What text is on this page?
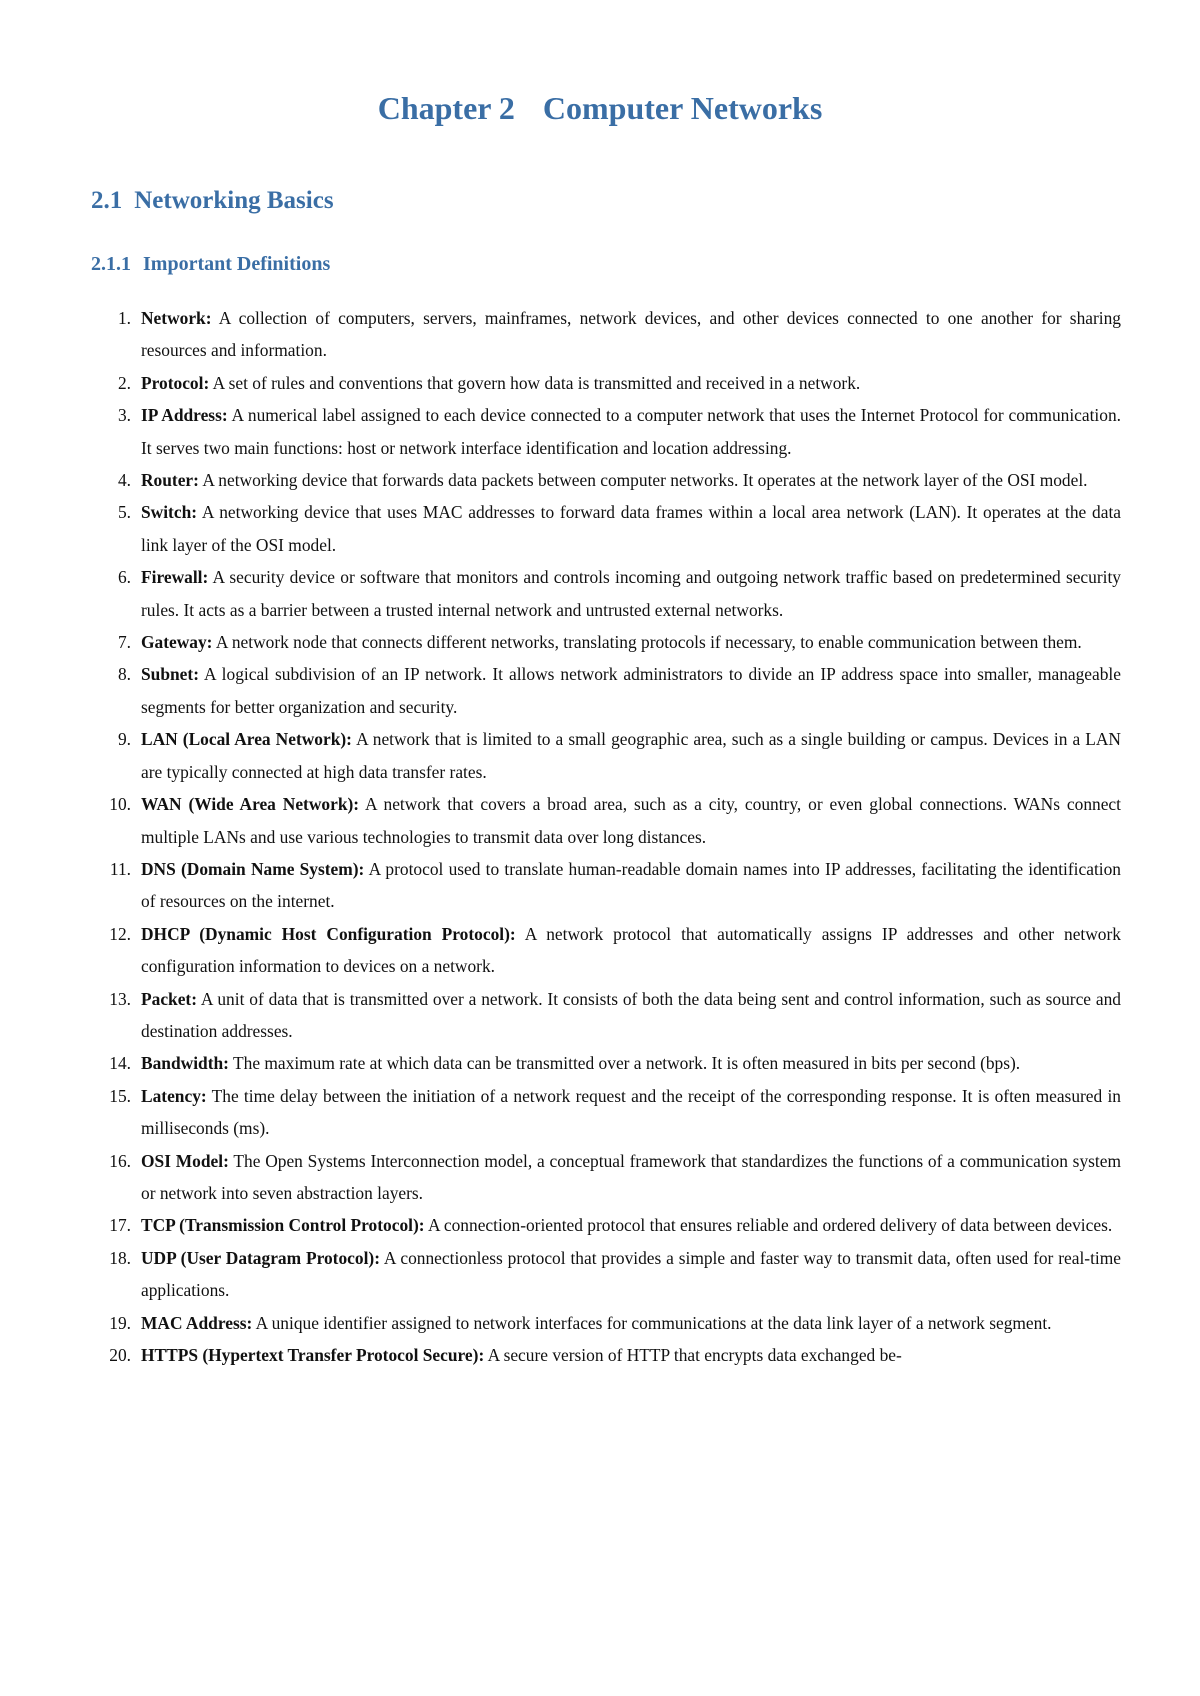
Chapter 2 Computer Networks
2.1 Networking Basics
2.1.1 Important Definitions
1. Network: A collection of computers, servers, mainframes, network devices, and other devices connected to one another for sharing resources and information.
2. Protocol: A set of rules and conventions that govern how data is transmitted and received in a network.
3. IP Address: A numerical label assigned to each device connected to a computer network that uses the Internet Protocol for communication. It serves two main functions: host or network interface identification and location addressing.
4. Router: A networking device that forwards data packets between computer networks. It operates at the network layer of the OSI model.
5. Switch: A networking device that uses MAC addresses to forward data frames within a local area network (LAN). It operates at the data link layer of the OSI model.
6. Firewall: A security device or software that monitors and controls incoming and outgoing network traffic based on predetermined security rules. It acts as a barrier between a trusted internal network and untrusted external networks.
7. Gateway: A network node that connects different networks, translating protocols if necessary, to enable communication between them.
8. Subnet: A logical subdivision of an IP network. It allows network administrators to divide an IP address space into smaller, manageable segments for better organization and security.
9. LAN (Local Area Network): A network that is limited to a small geographic area, such as a single building or campus. Devices in a LAN are typically connected at high data transfer rates.
10. WAN (Wide Area Network): A network that covers a broad area, such as a city, country, or even global connections. WANs connect multiple LANs and use various technologies to transmit data over long distances.
11. DNS (Domain Name System): A protocol used to translate human-readable domain names into IP addresses, facilitating the identification of resources on the internet.
12. DHCP (Dynamic Host Configuration Protocol): A network protocol that automatically assigns IP addresses and other network configuration information to devices on a network.
13. Packet: A unit of data that is transmitted over a network. It consists of both the data being sent and control information, such as source and destination addresses.
14. Bandwidth: The maximum rate at which data can be transmitted over a network. It is often measured in bits per second (bps).
15. Latency: The time delay between the initiation of a network request and the receipt of the corresponding response. It is often measured in milliseconds (ms).
16. OSI Model: The Open Systems Interconnection model, a conceptual framework that standardizes the functions of a communication system or network into seven abstraction layers.
17. TCP (Transmission Control Protocol): A connection-oriented protocol that ensures reliable and ordered delivery of data between devices.
18. UDP (User Datagram Protocol): A connectionless protocol that provides a simple and faster way to transmit data, often used for real-time applications.
19. MAC Address: A unique identifier assigned to network interfaces for communications at the data link layer of a network segment.
20. HTTPS (Hypertext Transfer Protocol Secure): A secure version of HTTP that encrypts data exchanged be-
